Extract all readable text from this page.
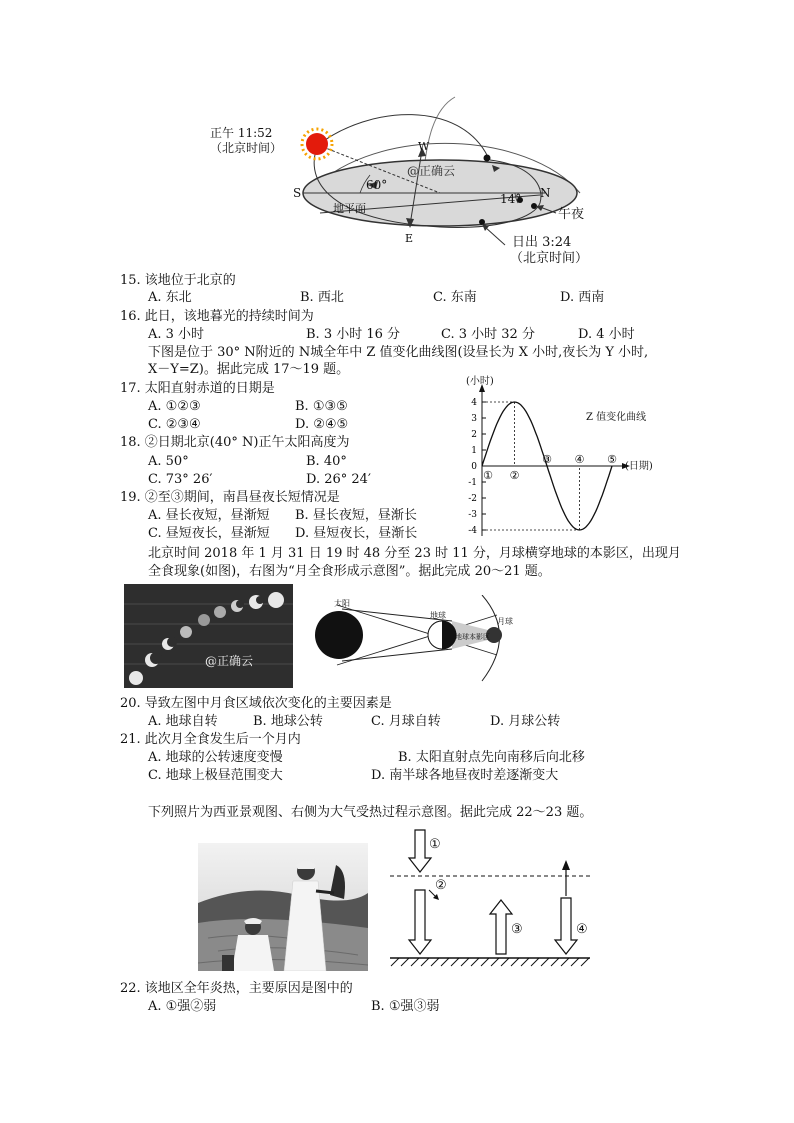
正午 11:52
（北京时间）	W
@正确云
S
60°
N
14°
地平面	午夜
E	日出 3:24
（北京时间）
15. 该地位于北京的
A. 东北	B. 西北	C. 东南	D. 西南
16. 此日，该地暮光的持续时间为
A. 3 小时	B. 3 小时 16 分	C. 3 小时 32 分	D. 4 小时
下图是位于 30° N附近的 N城全年中 Z 值变化曲线图(设昼长为 X 小时,夜长为 Y 小时,
X－Y=Z)。据此完成 17～19 题。
17. 太阳直射赤道的日期是
A. ①②③	B. ①③⑤
C. ②③④	D. ②④⑤
18. ②日期北京(40° N)正午太阳高度为
A. 50°	B. 40°
C. 73° 26′	D. 26° 24′
19. ②至③期间，南昌昼夜长短情况是
A. 昼长夜短，昼渐短 B. 昼长夜短，昼渐长
C. 昼短夜长，昼渐短 D. 昼短夜长，昼渐长
4
3
2
1
0
-1
-2
-3
-4
① ②
③ ④ ⑤
(小时)
Z 值变化曲线
(日期)
北京时间 2018 年 1 月 31 日 19 时 48 分至 23 时 11 分，月球横穿地球的本影区，出现月
全食现象(如图)，右图为“月全食形成示意图”。据此完成 20～21 题。
@正确云
太阳
地球
月球
地球本影区
20. 导致左图中月食区域依次变化的主要因素是
A. 地球自转	B. 地球公转	C. 月球自转	D. 月球公转
21. 此次月全食发生后一个月内
A. 地球的公转速度变慢	B. 太阳直射点先向南移后向北移
C. 地球上极昼范围变大	D. 南半球各地昼夜时差逐渐变大
下列照片为西亚景观图、右侧为大气受热过程示意图。据此完成 22～23 题。
①
②
③	④
22. 该地区全年炎热，主要原因是图中的
A. ①强②弱	B. ①强③弱
